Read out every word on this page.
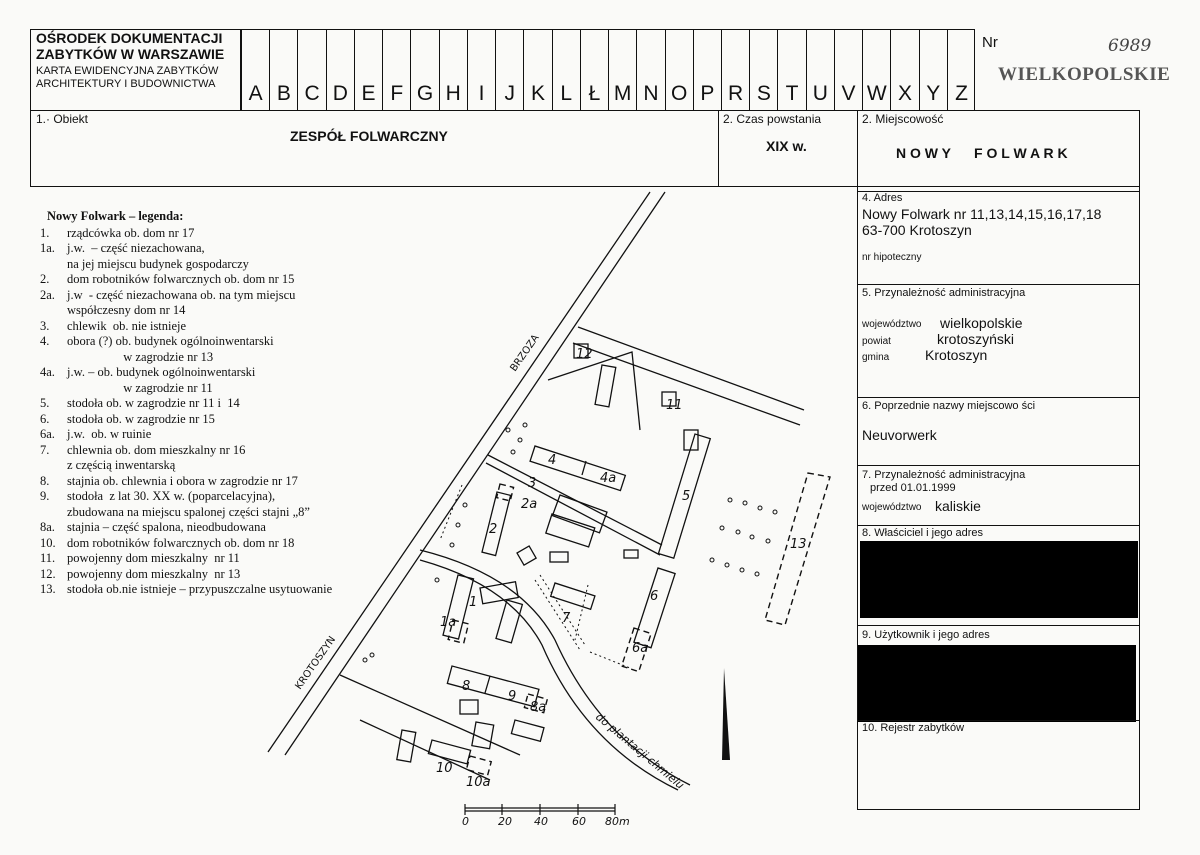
OŚRODEK DOKUMENTACJI
ZABYTKÓW W WARSZAWIE
KARTA EWIDENCYJNA ZABYTKÓW
ARCHITEKTURY I BUDOWNICTWA	A B C D E F G H I J K L Ł M N O P R S T U V W X Y Z
Nr	6989
WIELKOPOLSKIE
1.· Obiekt
ZESPÓŁ FOLWARCZNY
2. Czas powstania
XIX w.
2. Miejscowość
N O W Y      F O L W A R K
4. Adres
Nowy Folwark nr 11,13,14,15,16,17,18
63-700 Krotoszyn
nr hipoteczny
5. Przynależność administracyjna
województwo wielkopolskie
powiat	krotoszyński
gmina	Krotoszyn
6. Poprzednie nazwy miejscowo ści
Neuvorwerk
7. Przynależność administracyjna
przed 01.01.1999
województwo kaliskie
8. Właściciel i jego adres
9. Użytkownik i jego adres
10. Rejestr zabytków
Nowy Folwark – legenda:
1.	rządcówka ob. dom nr 17
1a. j.w.  – część niezachowana,
na jej miejscu budynek gospodarczy
2.	dom robotników folwarcznych ob. dom nr 15
2a. j.w  - część niezachowana ob. na tym miejscu
współczesny dom nr 14
3.	chlewik  ob. nie istnieje
4.	obora (?) ob. budynek ogólnoinwentarski
w zagrodzie nr 13
4a. j.w. – ob. budynek ogólnoinwentarski
w zagrodzie nr 11
5.	stodoła ob. w zagrodzie nr 11 i  14
6.	stodoła ob. w zagrodzie nr 15
6a. j.w.  ob. w ruinie
7.	chlewnia ob. dom mieszkalny nr 16
z częścią inwentarską
8.	stajnia ob. chlewnia i obora w zagrodzie nr 17
9.	stodoła  z lat 30. XX w. (poparcelacyjna),
zbudowana na miejscu spalonej części stajni „8”
8a. stajnia – część spalona, nieodbudowana
10. dom robotników folwarcznych ob. dom nr 18
11. powojenny dom mieszkalny  nr 11
12. powojenny dom mieszkalny  nr 13
13. stodoła ob.nie istnieje – przypuszczalne usytuowanie
0	20 40 60 80m
BRZOZA
KROTOSZYN
do plantacji chmielu
1
1a
2
2a
3
4
4a
5
6
6a
7
8
8a
9
10
10a
11
12
13
